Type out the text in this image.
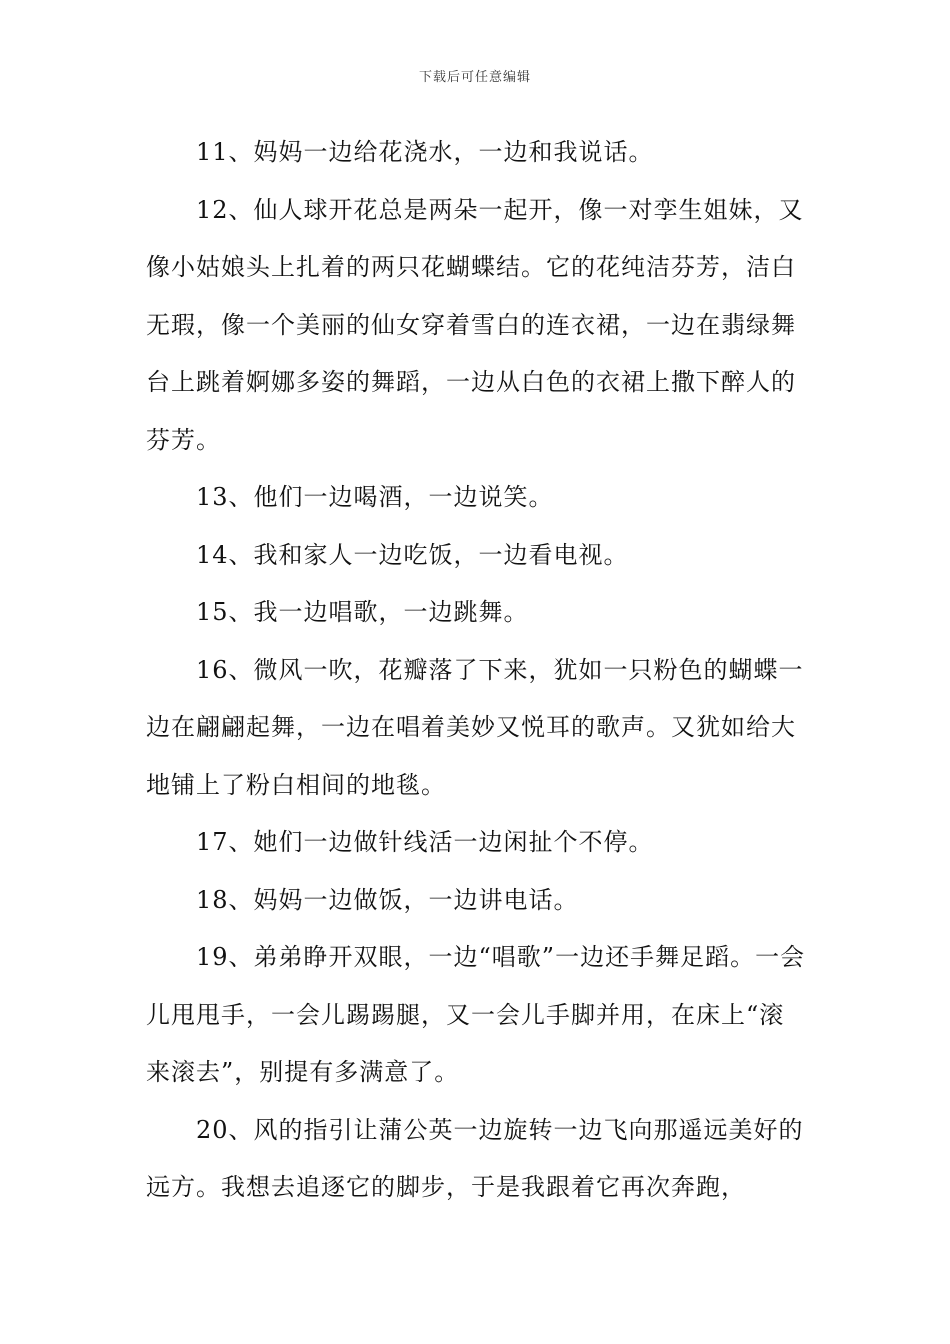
下载后可任意编辑

11、妈妈一边给花浇水，一边和我说话。

12、仙人球开花总是两朵一起开，像一对孪生姐妹，又像小姑娘头上扎着的两只花蝴蝶结。它的花纯洁芬芳，洁白无瑕，像一个美丽的仙女穿着雪白的连衣裙，一边在翡绿舞台上跳着婀娜多姿的舞蹈，一边从白色的衣裙上撒下醉人的芬芳。

13、他们一边喝酒，一边说笑。

14、我和家人一边吃饭，一边看电视。

15、我一边唱歌，一边跳舞。

16、微风一吹，花瓣落了下来，犹如一只粉色的蝴蝶一边在翩翩起舞，一边在唱着美妙又悦耳的歌声。又犹如给大地铺上了粉白相间的地毯。

17、她们一边做针线活一边闲扯个不停。

18、妈妈一边做饭，一边讲电话。

19、弟弟睁开双眼，一边“唱歌”一边还手舞足蹈。一会儿甩甩手，一会儿踢踢腿，又一会儿手脚并用，在床上“滚来滚去”，别提有多满意了。

20、风的指引让蒲公英一边旋转一边飞向那遥远美好的远方。我想去追逐它的脚步，于是我跟着它再次奔跑，
